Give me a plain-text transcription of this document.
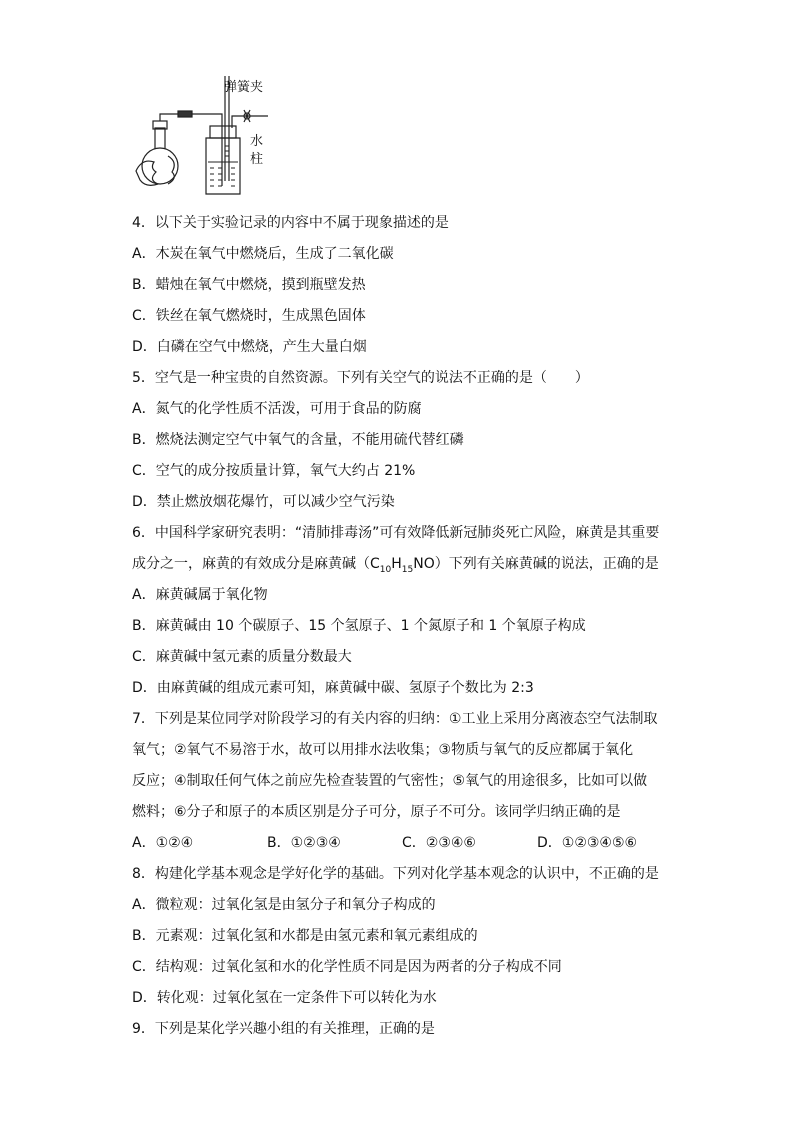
弹簧夹
水
柱
4．以下关于实验记录的内容中不属于现象描述的是
A．木炭在氧气中燃烧后，生成了二氧化碳
B．蜡烛在氧气中燃烧，摸到瓶壁发热
C．铁丝在氧气燃烧时，生成黑色固体
D．白磷在空气中燃烧，产生大量白烟
5．空气是一种宝贵的自然资源。下列有关空气的说法不正确的是（　　）
A．氮气的化学性质不活泼，可用于食品的防腐
B．燃烧法测定空气中氧气的含量，不能用硫代替红磷
C．空气的成分按质量计算，氧气大约占 21%
D．禁止燃放烟花爆竹，可以减少空气污染
6．中国科学家研究表明：“清肺排毒汤”可有效降低新冠肺炎死亡风险，麻黄是其重要
成分之一，麻黄的有效成分是麻黄碱$(C_{10}H_{15}NO)$下列有关麻黄碱的说法，正确的是
A．麻黄碱属于氧化物
B．麻黄碱由 10 个碳原子、15 个氢原子、1 个氮原子和 1 个氧原子构成
C．麻黄碱中氢元素的质量分数最大
D．由麻黄碱的组成元素可知，麻黄碱中碳、氢原子个数比为 2:3
7．下列是某位同学对阶段学习的有关内容的归纳：①工业上采用分离液态空气法制取
氧气；②氧气不易溶于水，故可以用排水法收集；③物质与氧气的反应都属于氧化
反应；④制取任何气体之前应先检查装置的气密性；⑤氧气的用途很多，比如可以做
燃料；⑥分子和原子的本质区别是分子可分，原子不可分。该同学归纳正确的是
A．①②④	B．①②③④	C．②③④⑥	D．①②③④⑤⑥
8．构建化学基本观念是学好化学的基础。下列对化学基本观念的认识中，不正确的是
A．微粒观：过氧化氢是由氢分子和氧分子构成的
B．元素观：过氧化氢和水都是由氢元素和氧元素组成的
C．结构观：过氧化氢和水的化学性质不同是因为两者的分子构成不同
D．转化观：过氧化氢在一定条件下可以转化为水
9．下列是某化学兴趣小组的有关推理，正确的是
